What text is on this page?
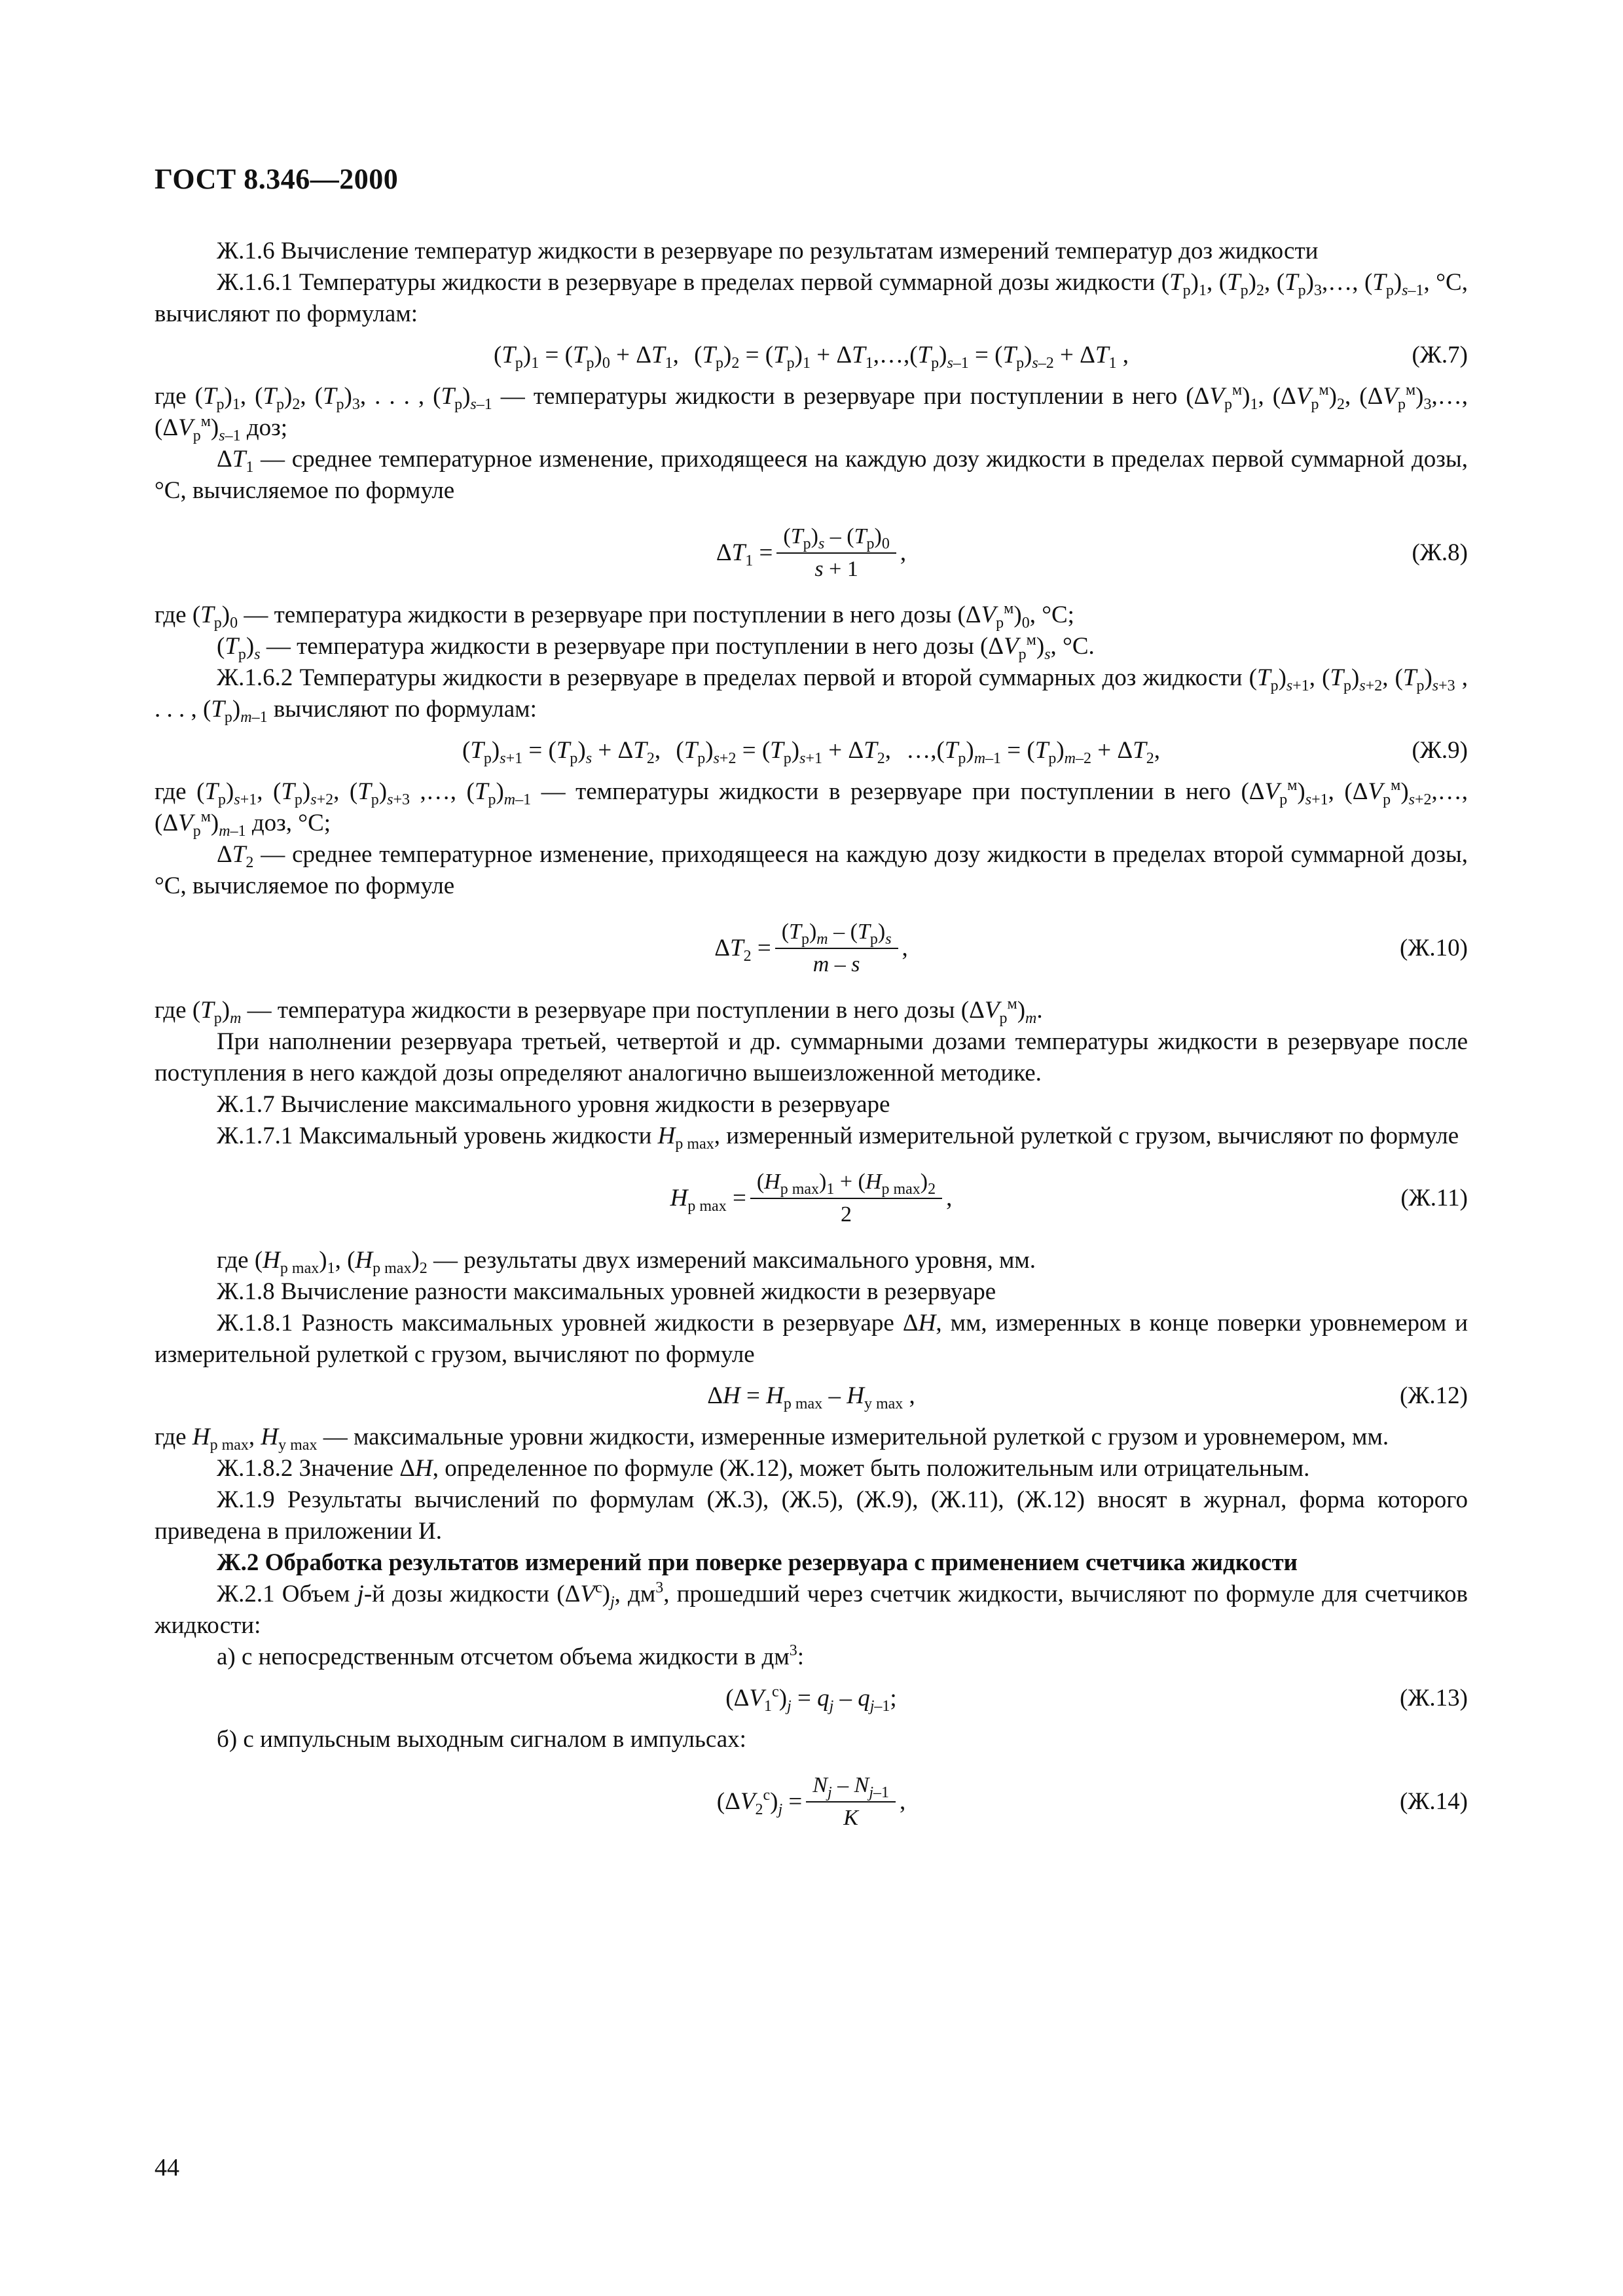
ГОСТ 8.346—2000

Ж.1.6 Вычисление температур жидкости в резервуаре по результатам измерений температур доз жидкости

Ж.1.6.1 Температуры жидкости в резервуаре в пределах первой суммарной дозы жидкости $(T_р)_1$, $(T_р)_2$, $(T_р)_3,\dots$, $(T_р)_{s-1}$, °С, вычисляют по формулам:

$(T_р)_1 = (T_р)_0 + \Delta T_1$, $(T_р)_2 = (T_р)_1$ + $\Delta T_1,\dots,(T_р)_{s-1} = (T_р)_{s-2} + \Delta T_1$ ,	(Ж.7)

где $(T_р)_1$, $(T_р)_2$, $(T_р)_3$, . . . , $(T_р)_{s-1}$ — температуры жидкости в резервуаре при поступлении в него $(\Delta V_р^м)_1$, $(\Delta V_р^м)_2$, $(\Delta V_р^м)_3,\dots,(\Delta V_р^м)_{s-1}$ доз;

$\Delta T_1$ — среднее температурное изменение, приходящееся на каждую дозу жидкости в пределах первой суммарной дозы, °С, вычисляемое по формуле

$\Delta T_1 = \frac{(T_р)_s - (T_р)_0}{s + 1}$ ,	(Ж.8)

где $(T_р)_0$ — температура жидкости в резервуаре при поступлении в него дозы $(\Delta V_р^м)_0$, °С;

$(T_р)_s$ — температура жидкости в резервуаре при поступлении в него дозы $(\Delta V_р^м)_s$, °С.

Ж.1.6.2 Температуры жидкости в резервуаре в пределах первой и второй суммарных доз жидкости $(T_р)_{s+1}$, $(T_р)_{s+2}$, $(T_р)_{s+3}$ , . . . , $(T_р)_{m-1}$ вычисляют по формулам:

$(T_р)_{s+1} = (T_р)_s + \Delta T_2$, $(T_р)_{s+2} = (T_р)_{s+1} + \Delta T_2$, $\dots,(T_р)_{m-1} = (T_р)_{m-2} + \Delta T_2$,	(Ж.9)

где $(T_р)_{s+1}$, $(T_р)_{s+2}$, $(T_р)_{s+3}$ ,…, $(T_р)_{m-1}$ — температуры жидкости в резервуаре при поступлении в него $(\Delta V_р^м)_{s+1}$, $(\Delta V_р^м)_{s+2},\dots,(\Delta V_р^м)_{m-1}$ доз, °С;

$\Delta T_2$ — среднее температурное изменение, приходящееся на каждую дозу жидкости в пределах второй суммарной дозы, °С, вычисляемое по формуле

$\Delta T_2 = \frac{(T_р)_m - (T_р)_s}{m - s}$ ,	(Ж.10)

где $(T_р)_m$ — температура жидкости в резервуаре при поступлении в него дозы $(\Delta V_р^м)_m$.

При наполнении резервуара третьей, четвертой и др. суммарными дозами температуры жидкости в резервуаре после поступления в него каждой дозы определяют аналогично вышеизложенной методике.

Ж.1.7 Вычисление максимального уровня жидкости в резервуаре

Ж.1.7.1 Максимальный уровень жидкости $H_{р max}$, измеренный измерительной рулеткой с грузом, вычисляют по формуле

$H_{р max} = \frac{(H_{р max})_1 + (H_{р max})_2}{2}$ ,	(Ж.11)

где $(H_{р max})_1$, $(H_{р max})_2$ — результаты двух измерений максимального уровня, мм.

Ж.1.8 Вычисление разности максимальных уровней жидкости в резервуаре

Ж.1.8.1 Разность максимальных уровней жидкости в резервуаре ΔH, мм, измеренных в конце поверки уровнемером и измерительной рулеткой с грузом, вычисляют по формуле

$\Delta H = H_{р max} - H_{у max}$ ,	(Ж.12)

где $H_{р max}$, $H_{у max}$ — максимальные уровни жидкости, измеренные измерительной рулеткой с грузом и уровнемером, мм.

Ж.1.8.2 Значение ΔH, определенное по формуле (Ж.12), может быть положительным или отрицательным.

Ж.1.9 Результаты вычислений по формулам (Ж.3), (Ж.5), (Ж.9), (Ж.11), (Ж.12) вносят в журнал, форма которого приведена в приложении И.

Ж.2 Обработка результатов измерений при поверке резервуара с применением счетчика жидкости

Ж.2.1 Объем j-й дозы жидкости $(\Delta V^с)_j$, $дм^3$, прошедший через счетчик жидкости, вычисляют по формуле для счетчиков жидкости:

а) с непосредственным отсчетом объема жидкости в $дм^3$:

$(\Delta V_1^с)_j = q_j - q_{j-1}$;	(Ж.13)

б) с импульсным выходным сигналом в импульсах:

$(\Delta V_2^с)_j = \frac{N_j - N_{j-1}}{K}$ ,	(Ж.14)
44
